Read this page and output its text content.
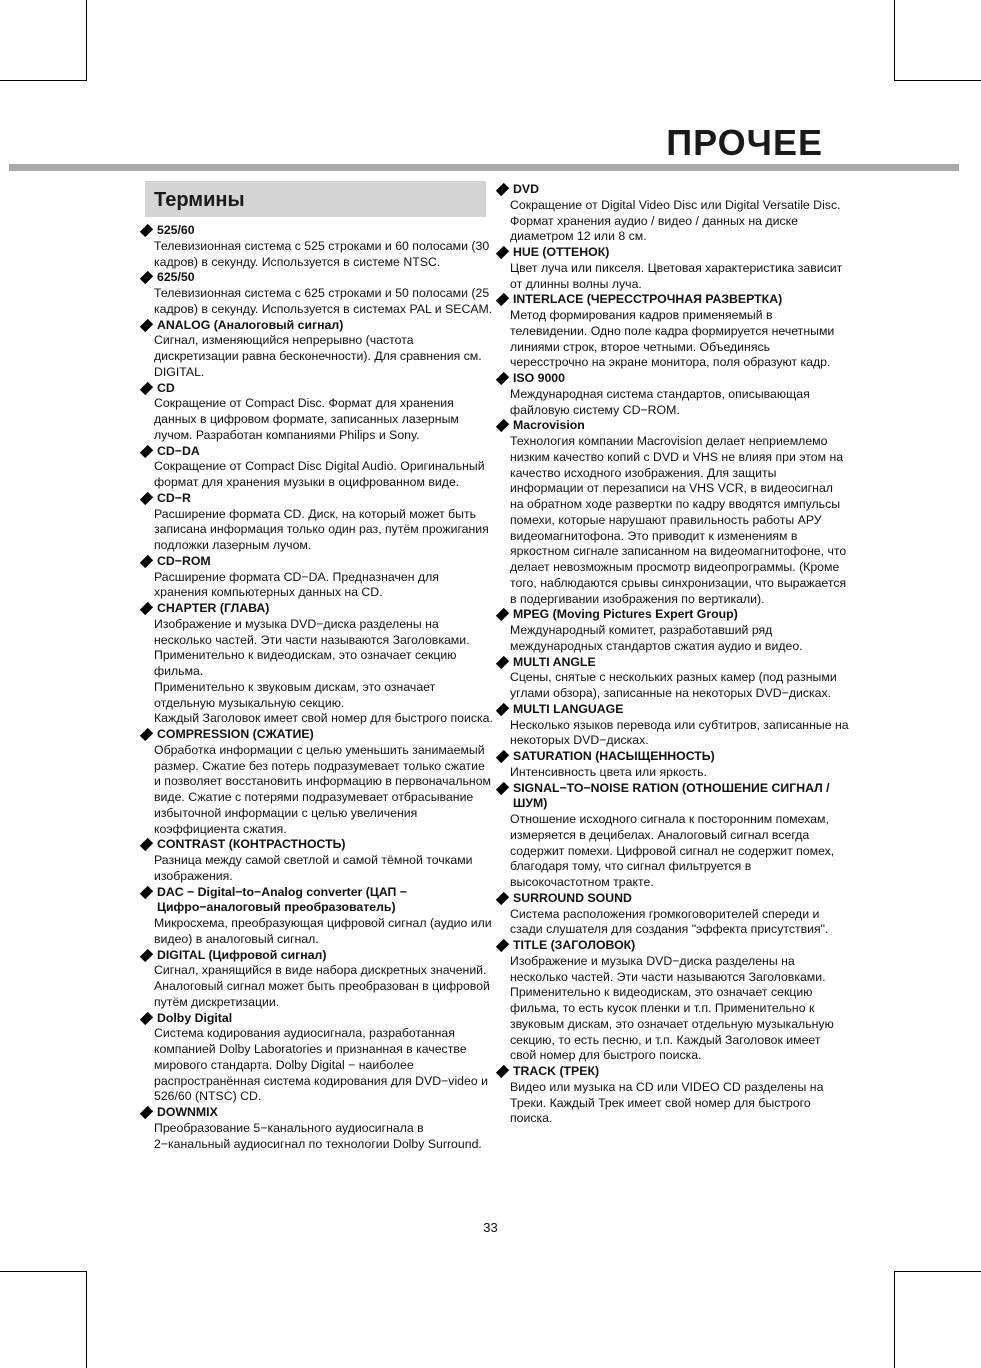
ПРОЧЕЕ
Термины
525/60
Телевизионная система с 525 строками и 60 полосами (30 кадров) в секунду. Используется в системе NTSC.
625/50
Телевизионная система с 625 строками и 50 полосами (25 кадров) в секунду. Используется в системах PAL и SECAM.
ANALOG (Аналоговый сигнал)
Сигнал, изменяющийся непрерывно (частота дискретизации равна бесконечности). Для сравнения см. DIGITAL.
CD
Сокращение от Compact Disc. Формат для хранения данных в цифровом формате, записанных лазерным лучом. Разработан компаниями Philips и Sony.
CD−DA
Сокращение от Compact Disc Digital Audio. Оригинальный формат для хранения музыки в оцифрованном виде.
CD−R
Расширение формата CD. Диск, на который может быть записана информация только один раз, путём прожигания подложки лазерным лучом.
CD−ROM
Расширение формата CD−DA. Предназначен для хранения компьютерных данных на CD.
CHAPTER (ГЛАВА)
Изображение и музыка DVD−диска разделены на несколько частей. Эти части называются Заголовками. Применительно к видеодискам, это означает секцию фильма.
Применительно к звуковым дискам, это означает отдельную музыкальную секцию.
Каждый Заголовок имеет свой номер для быстрого поиска.
COMPRESSION (СЖАТИЕ)
Обработка информации с целью уменьшить занимаемый размер. Сжатие без потерь подразумевает только сжатие и позволяет восстановить информацию в первоначальном виде. Сжатие с потерями подразумевает отбрасывание избыточной информации с целью увеличения коэффициента сжатия.
CONTRAST (КОНТРАСТНОСТЬ)
Разница между самой светлой и самой тёмной точками изображения.
DAC − Digital−to−Analog converter (ЦАП − Цифро−аналоговый преобразователь)
Микросхема, преобразующая цифровой сигнал (аудио или видео) в аналоговый сигнал.
DIGITAL (Цифровой сигнал)
Сигнал, хранящийся в виде набора дискретных значений. Аналоговый сигнал может быть преобразован в цифровой путём дискретизации.
Dolby Digital
Система кодирования аудиосигнала, разработанная компанией Dolby Laboratories и признанная в качестве мирового стандарта. Dolby Digital − наиболее распространённая система кодирования для DVD−video и 526/60 (NTSC) CD.
DOWNMIX
Преобразование 5−канального аудиосигнала в 2−канальный аудиосигнал по технологии Dolby Surround.
DVD
Сокращение от Digital Video Disc или Digital Versatile Disc. Формат хранения аудио / видео / данных на диске диаметром 12 или 8 см.
HUE (ОТТЕНОК)
Цвет луча или пикселя. Цветовая характеристика зависит от длинны волны луча.
INTERLACE (ЧЕРЕССТРОЧНАЯ РАЗВЕРТКА)
Метод формирования кадров применяемый в телевидении. Одно поле кадра формируется нечетными линиями строк, второе четными. Объединясь чересстрочно на экране монитора, поля образуют кадр.
ISO 9000
Международная система стандартов, описывающая файловую систему CD−ROM.
Macrovision
Технология компании Macrovision делает неприемлемо низким качество копий с DVD и VHS не влияя при этом на качество исходного изображения. Для защиты информации от перезаписи на VHS VCR, в видеосигнал на обратном ходе развертки по кадру вводятся импульсы помехи, которые нарушают правильность работы АРУ видеомагнитофона. Это приводит к изменениям в яркостном сигнале записанном на видеомагнитофоне, что делает невозможным просмотр видеопрограммы. (Кроме того, наблюдаются срывы синхронизации, что выражается в подергивании изображения по вертикали).
MPEG (Moving Pictures Expert Group)
Международный комитет, разработавший ряд международных стандартов сжатия аудио и видео.
MULTI ANGLE
Сцены, снятые с нескольких разных камер (под разными углами обзора), записанные на некоторых DVD−дисках.
MULTI LANGUAGE
Несколько языков перевода или субтитров, записанные на некоторых DVD−дисках.
SATURATION (НАСЫЩЕННОСТЬ)
Интенсивность цвета или яркость.
SIGNAL−TO−NOISE RATION (ОТНОШЕНИЕ СИГНАЛ / ШУМ)
Отношение исходного сигнала к посторонним помехам, измеряется в децибелах. Аналоговый сигнал всегда содержит помехи. Цифровой сигнал не содержит помех, благодаря тому, что сигнал фильтруется в высокочастотном тракте.
SURROUND SOUND
Система расположения громкоговорителей спереди и сзади слушателя для создания "эффекта присутствия".
TITLE (ЗАГОЛОВОК)
Изображение и музыка DVD−диска разделены на несколько частей. Эти части называются Заголовками. Применительно к видеодискам, это означает секцию фильма, то есть кусок пленки и т.п. Применительно к звуковым дискам, это означает отдельную музыкальную секцию, то есть песню, и т.п. Каждый Заголовок имеет свой номер для быстрого поиска.
TRACK (ТРЕК)
Видео или музыка на CD или VIDEO CD разделены на Треки. Каждый Трек имеет свой номер для быстрого поиска.
33
